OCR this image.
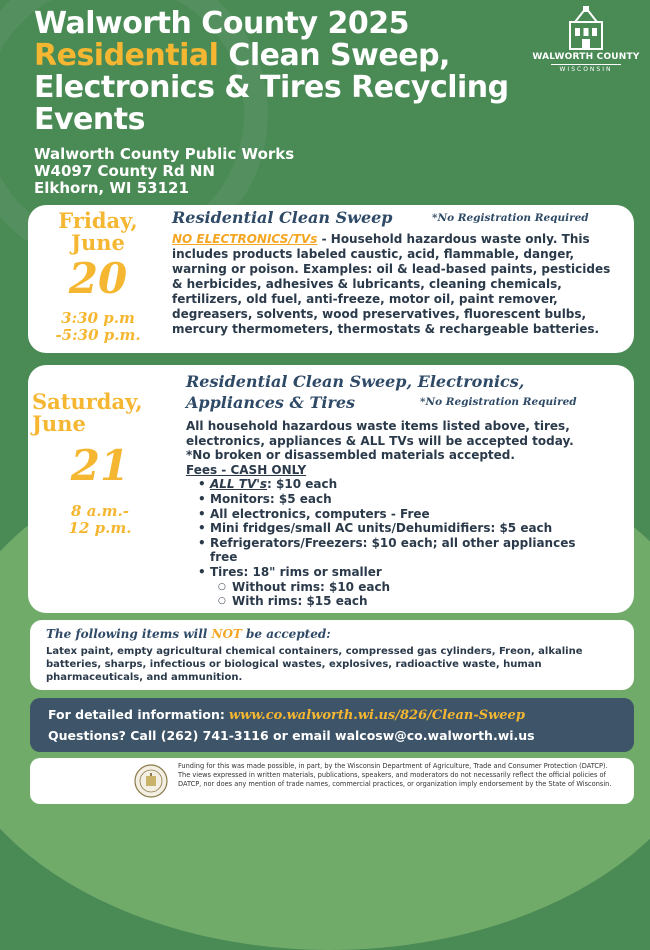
Walworth County 2025
Residential Clean Sweep,
Electronics & Tires Recycling
Events
Walworth County Public Works
W4097 County Rd NN
Elkhorn, WI 53121
WALWORTH COUNTY
WISCONSIN
Friday,
June
20
3:30 p.m
-5:30 p.m.
Residential Clean Sweep	*No Registration Required
NO ELECTRONICS/TVs - Household hazardous waste only. This includes products labeled caustic, acid, flammable, danger, warning or poison. Examples: oil & lead-based paints, pesticides & herbicides, adhesives & lubricants, cleaning chemicals, fertilizers, old fuel, anti-freeze, motor oil, paint remover, degreasers, solvents, wood preservatives, fluorescent bulbs, mercury thermometers, thermostats & rechargeable batteries.
Saturday,
June
21
8 a.m.-
12 p.m.
Residential Clean Sweep, Electronics,
Appliances & Tires	*No Registration Required
All household hazardous waste items listed above, tires, electronics, appliances & ALL TVs will be accepted today.
*No broken or disassembled materials accepted.
Fees - CASH ONLY
• ALL TV's: $10 each
• Monitors: $5 each
• All electronics, computers - Free
• Mini fridges/small AC units/Dehumidifiers: $5 each
• Refrigerators/Freezers: $10 each; all other appliances free
• Tires: 18" rims or smaller
○ Without rims: $10 each
○ With rims: $15 each
The following items will NOT be accepted:
Latex paint, empty agricultural chemical containers, compressed gas cylinders, Freon, alkaline batteries, sharps, infectious or biological wastes, explosives, radioactive waste, human pharmaceuticals, and ammunition.
For detailed information: www.co.walworth.wi.us/826/Clean-Sweep
Questions? Call (262) 741-3116 or email walcosw@co.walworth.wi.us
Funding for this was made possible, in part, by the Wisconsin Department of Agriculture, Trade and Consumer Protection (DATCP). The views expressed in written materials, publications, speakers, and moderators do not necessarily reflect the official policies of DATCP, nor does any mention of trade names, commercial practices, or organization imply endorsement by the State of Wisconsin.
